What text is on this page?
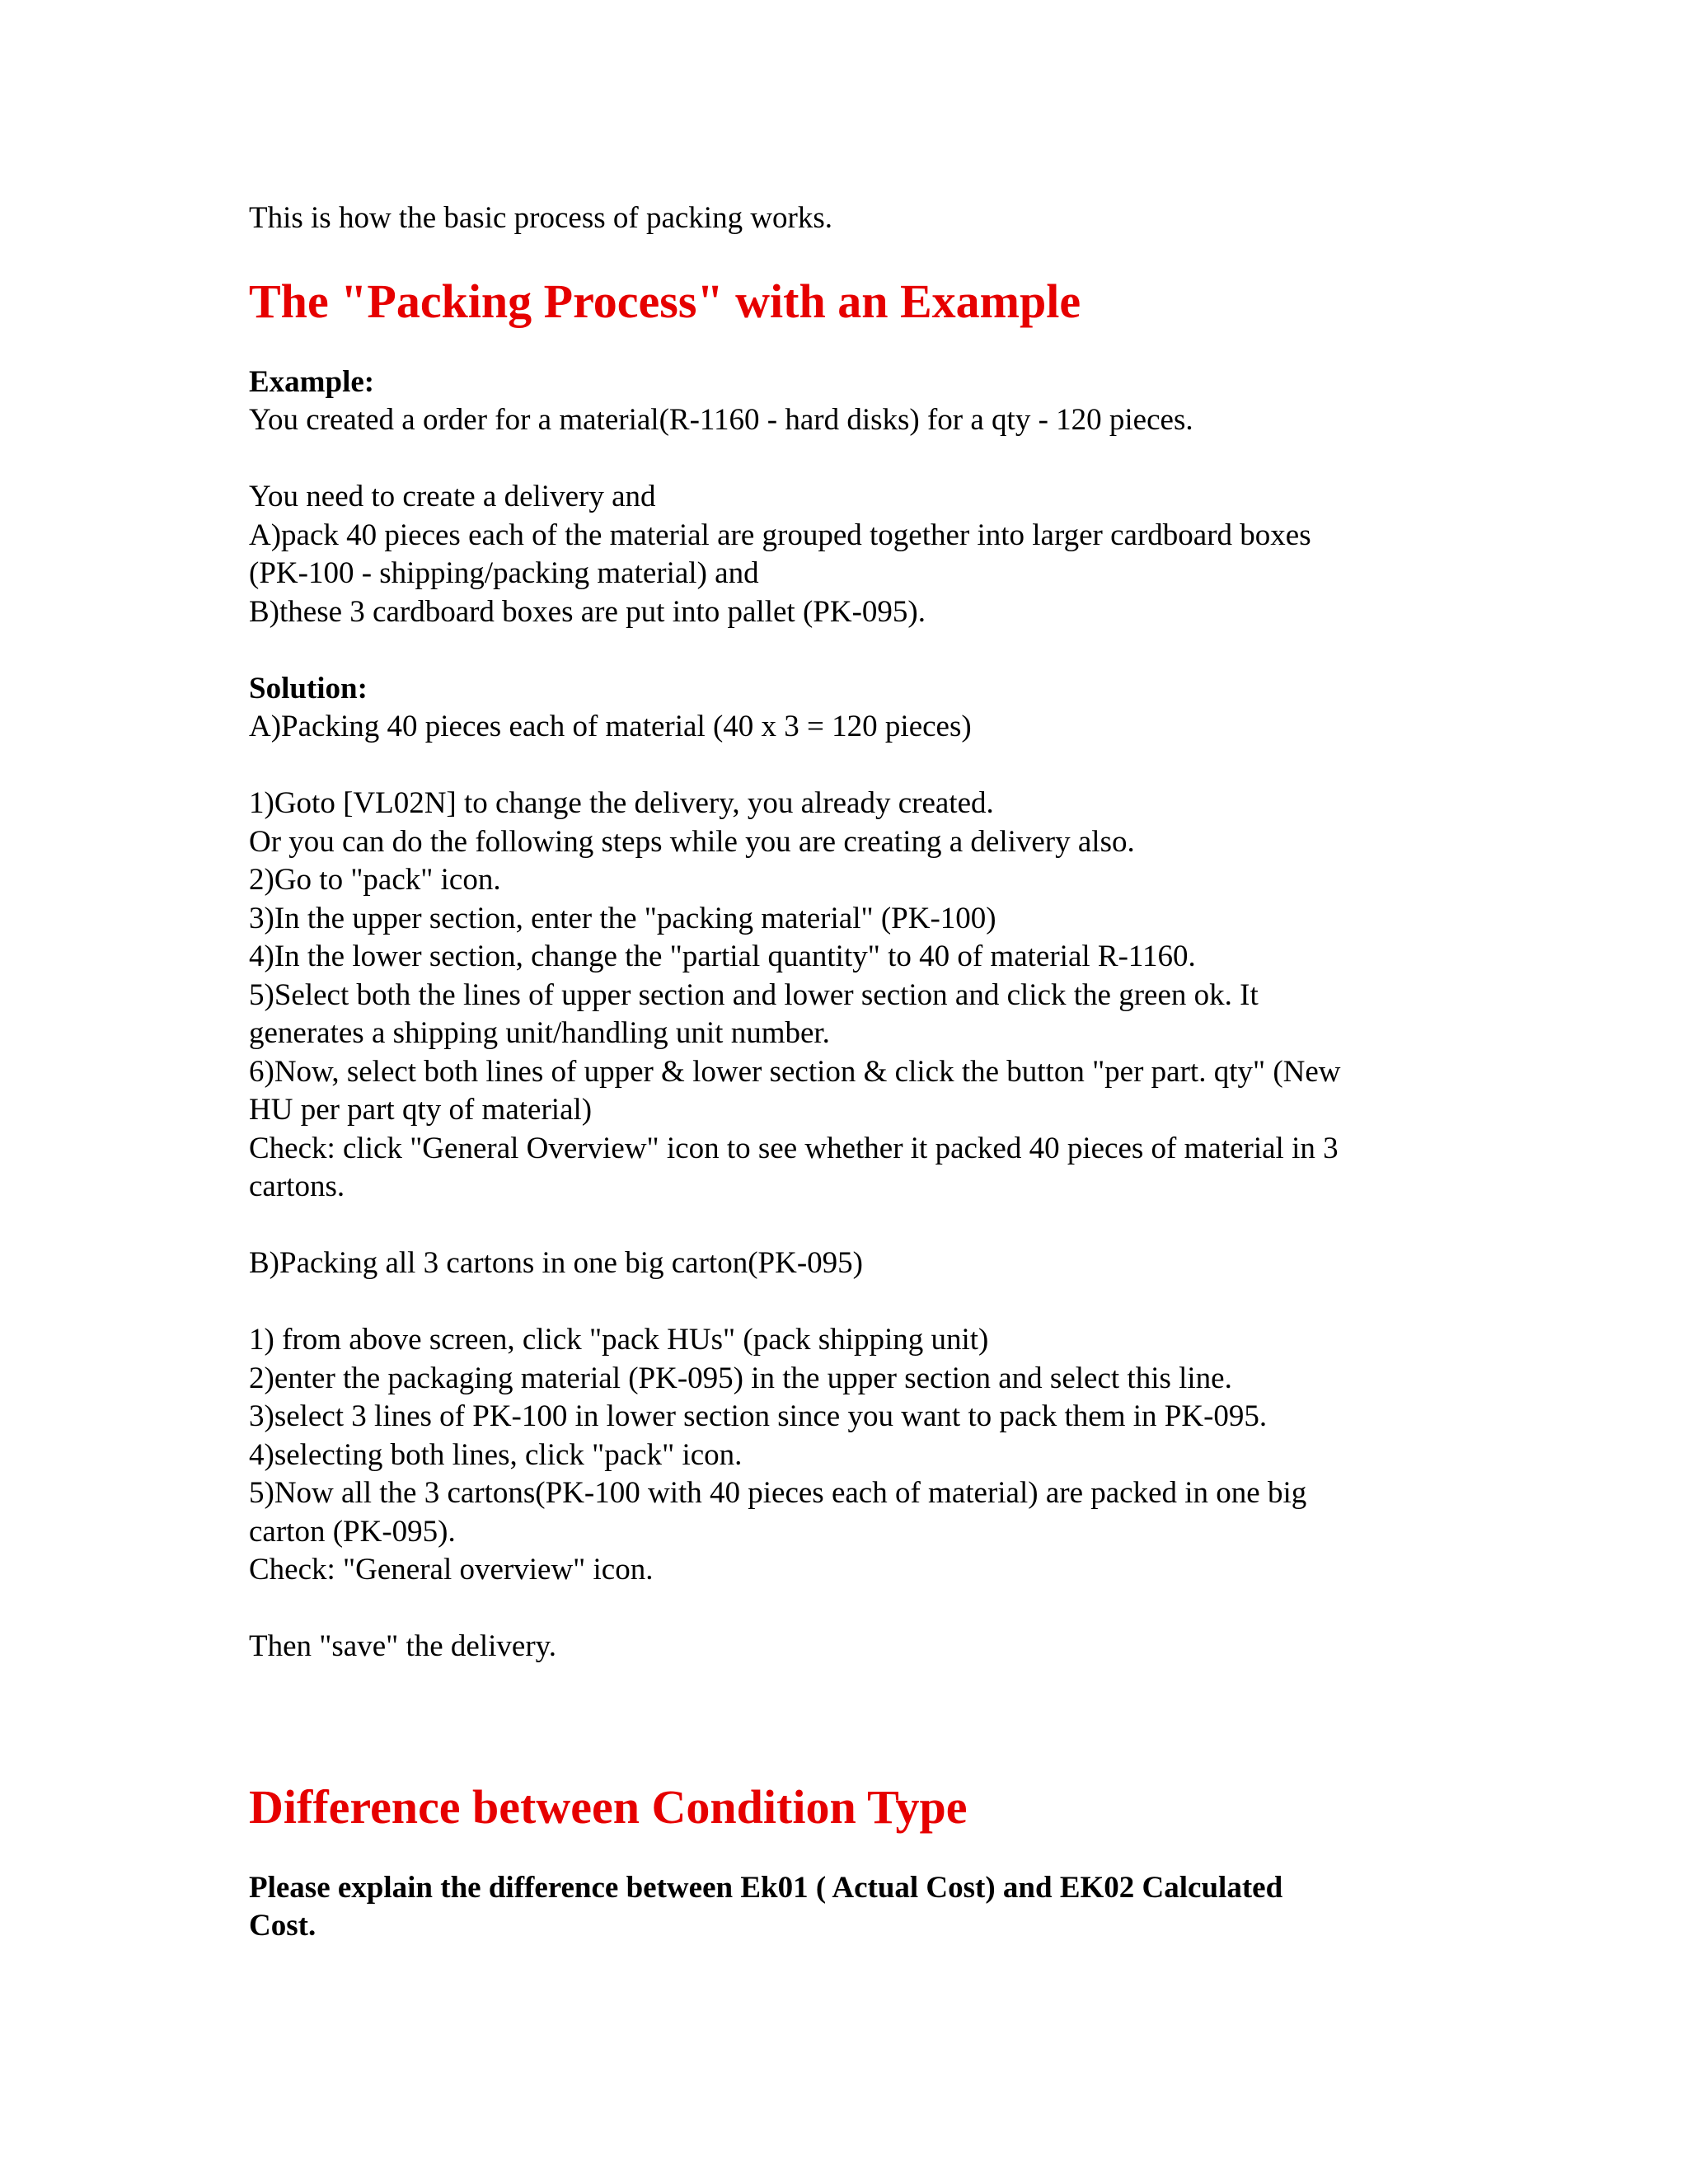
This is how the basic process of packing works.

The "Packing Process" with an Example

Example:

You created a order for a material(R-1160 - hard disks) for a qty - 120 pieces.

You need to create a delivery and

A)pack 40 pieces each of the material are grouped together into larger cardboard boxes

(PK-100 - shipping/packing material) and

B)these 3 cardboard boxes are put into pallet (PK-095).

Solution:

A)Packing 40 pieces each of material (40 x 3 = 120 pieces)

1)Goto [VL02N] to change the delivery, you already created.

Or you can do the following steps while you are creating a delivery also.

2)Go to "pack" icon.

3)In the upper section, enter the "packing material" (PK-100)

4)In the lower section, change the "partial quantity" to 40 of material R-1160.

5)Select both the lines of upper section and lower section and click the green ok. It

generates a shipping unit/handling unit number.

6)Now, select both lines of upper & lower section & click the button "per part. qty" (New

HU per part qty of material)

Check: click "General Overview" icon to see whether it packed 40 pieces of material in 3

cartons.

B)Packing all 3 cartons in one big carton(PK-095)

1) from above screen, click "pack HUs" (pack shipping unit)

2)enter the packaging material (PK-095) in the upper section and select this line.

3)select 3 lines of PK-100 in lower section since you want to pack them in PK-095.

4)selecting both lines, click "pack" icon.

5)Now all the 3 cartons(PK-100 with 40 pieces each of material) are packed in one big

carton (PK-095).

Check: "General overview" icon.

Then "save" the delivery.

Difference between Condition Type

Please explain the difference between Ek01 ( Actual Cost) and EK02 Calculated

Cost.
